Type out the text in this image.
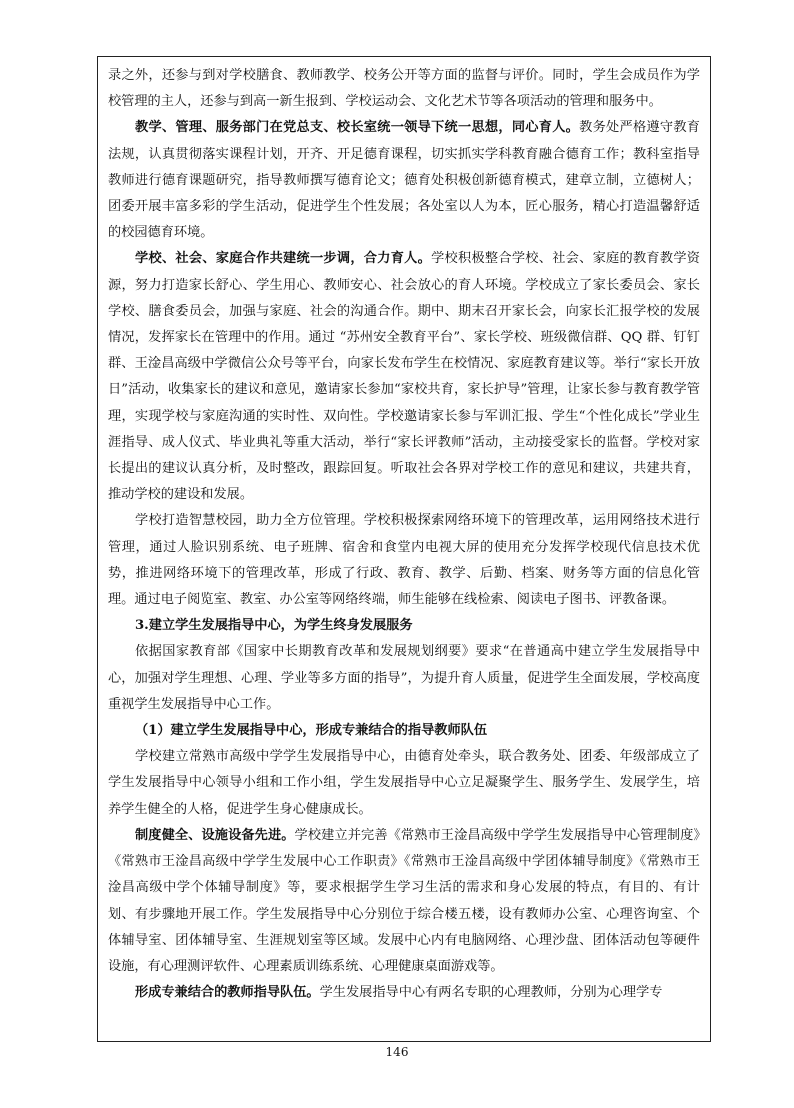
录之外，还参与到对学校膳食、教师教学、校务公开等方面的监督与评价。同时，学生会成员作为学校管理的主人，还参与到高一新生报到、学校运动会、文化艺术节等各项活动的管理和服务中。

教学、管理、服务部门在党总支、校长室统一领导下统一思想，同心育人。教务处严格遵守教育法规，认真贯彻落实课程计划，开齐、开足德育课程，切实抓实学科教育融合德育工作；教科室指导教师进行德育课题研究，指导教师撰写德育论文；德育处积极创新德育模式，建章立制，立德树人；团委开展丰富多彩的学生活动，促进学生个性发展；各处室以人为本，匠心服务，精心打造温馨舒适的校园德育环境。

学校、社会、家庭合作共建统一步调，合力育人。学校积极整合学校、社会、家庭的教育教学资源，努力打造家长舒心、学生用心、教师安心、社会放心的育人环境。学校成立了家长委员会、家长学校、膳食委员会，加强与家庭、社会的沟通合作。期中、期末召开家长会，向家长汇报学校的发展情况，发挥家长在管理中的作用。通过 “苏州安全教育平台”、家长学校、班级微信群、QQ 群、钉钉群、王淦昌高级中学微信公众号等平台，向家长发布学生在校情况、家庭教育建议等。举行“家长开放日”活动，收集家长的建议和意见，邀请家长参加“家校共育，家长护导”管理，让家长参与教育教学管理，实现学校与家庭沟通的实时性、双向性。学校邀请家长参与军训汇报、学生“个性化成长”学业生涯指导、成人仪式、毕业典礼等重大活动，举行“家长评教师”活动，主动接受家长的监督。学校对家长提出的建议认真分析，及时整改，跟踪回复。听取社会各界对学校工作的意见和建议，共建共育，推动学校的建设和发展。

学校打造智慧校园，助力全方位管理。学校积极探索网络环境下的管理改革，运用网络技术进行管理，通过人脸识别系统、电子班牌、宿舍和食堂内电视大屏的使用充分发挥学校现代信息技术优势，推进网络环境下的管理改革，形成了行政、教育、教学、后勤、档案、财务等方面的信息化管理。通过电子阅览室、教室、办公室等网络终端，师生能够在线检索、阅读电子图书、评教备课。

3.建立学生发展指导中心，为学生终身发展服务

依据国家教育部《国家中长期教育改革和发展规划纲要》要求“在普通高中建立学生发展指导中心，加强对学生理想、心理、学业等多方面的指导”，为提升育人质量，促进学生全面发展，学校高度重视学生发展指导中心工作。

（1）建立学生发展指导中心，形成专兼结合的指导教师队伍

学校建立常熟市高级中学学生发展指导中心，由德育处牵头，联合教务处、团委、年级部成立了学生发展指导中心领导小组和工作小组，学生发展指导中心立足凝聚学生、服务学生、发展学生，培养学生健全的人格，促进学生身心健康成长。

制度健全、设施设备先进。学校建立并完善《常熟市王淦昌高级中学学生发展指导中心管理制度》《常熟市王淦昌高级中学学生发展中心工作职责》《常熟市王淦昌高级中学团体辅导制度》《常熟市王淦昌高级中学个体辅导制度》等，要求根据学生学习生活的需求和身心发展的特点，有目的、有计划、有步骤地开展工作。学生发展指导中心分别位于综合楼五楼，设有教师办公室、心理咨询室、个体辅导室、团体辅导室、生涯规划室等区域。发展中心内有电脑网络、心理沙盘、团体活动包等硬件设施，有心理测评软件、心理素质训练系统、心理健康桌面游戏等。

形成专兼结合的教师指导队伍。学生发展指导中心有两名专职的心理教师，分别为心理学专

146
